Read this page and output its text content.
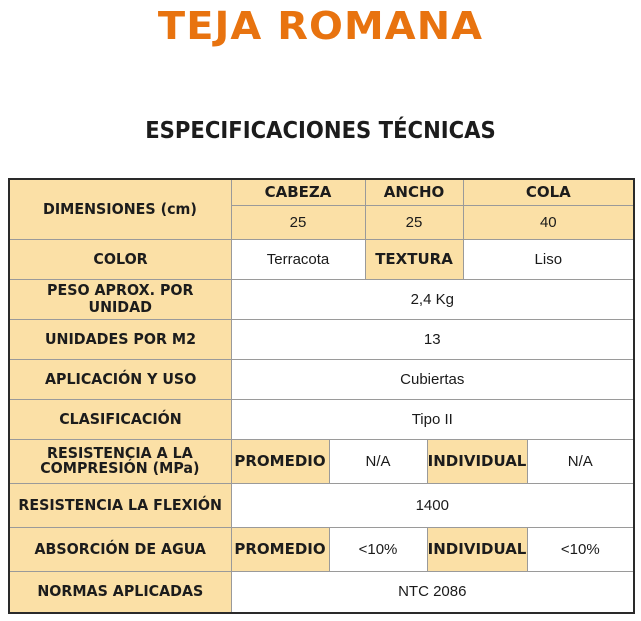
TEJA ROMANA
ESPECIFICACIONES TÉCNICAS
DIMENSIONES (cm)	CABEZA		ANCHO		COLA	
	25		25		40	
COLOR	Terracota		TEXTURA		Liso	
PESO APROX. POR UNIDAD	2,4 Kg					
UNIDADES POR M2	13					
APLICACIÓN Y USO	Cubiertas					
CLASIFICACIÓN	Tipo II					
RESISTENCIA A LA
COMPRESIÓN (MPa)	PROMEDIO	N/A		INDIVIDUAL		N/A
RESISTENCIA LA FLEXIÓN	1400					
ABSORCIÓN DE AGUA	PROMEDIO	<10%		INDIVIDUAL		<10%
NORMAS APLICADAS	NTC 2086					
